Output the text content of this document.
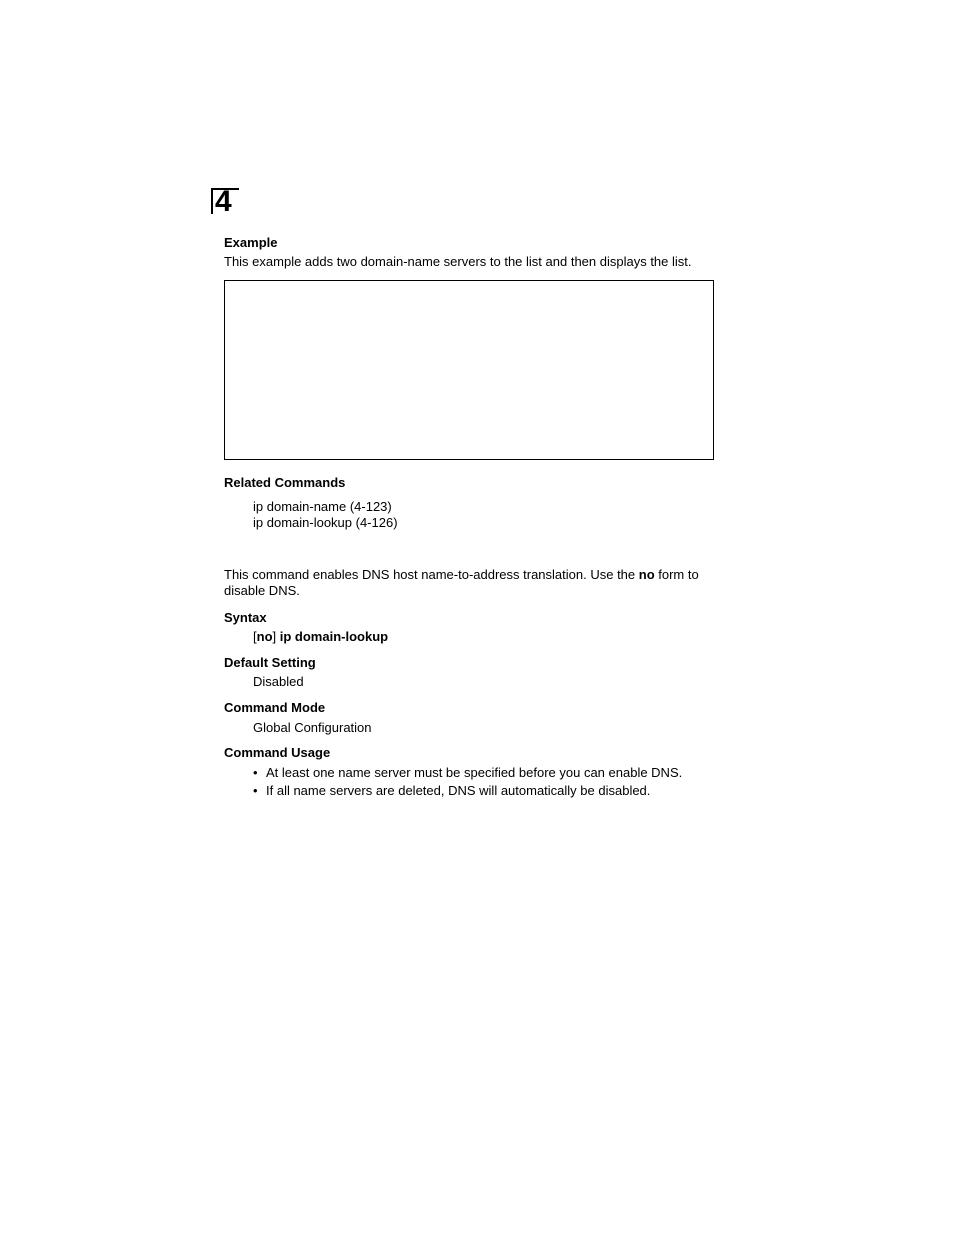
4
Example
This example adds two domain-name servers to the list and then displays the list.
Related Commands
ip domain-name (4-123)
ip domain-lookup (4-126)
This command enables DNS host name-to-address translation. Use the no form to disable DNS.
Syntax
[no] ip domain-lookup
Default Setting
Disabled
Command Mode
Global Configuration
Command Usage
• At least one name server must be specified before you can enable DNS.
• If all name servers are deleted, DNS will automatically be disabled.
